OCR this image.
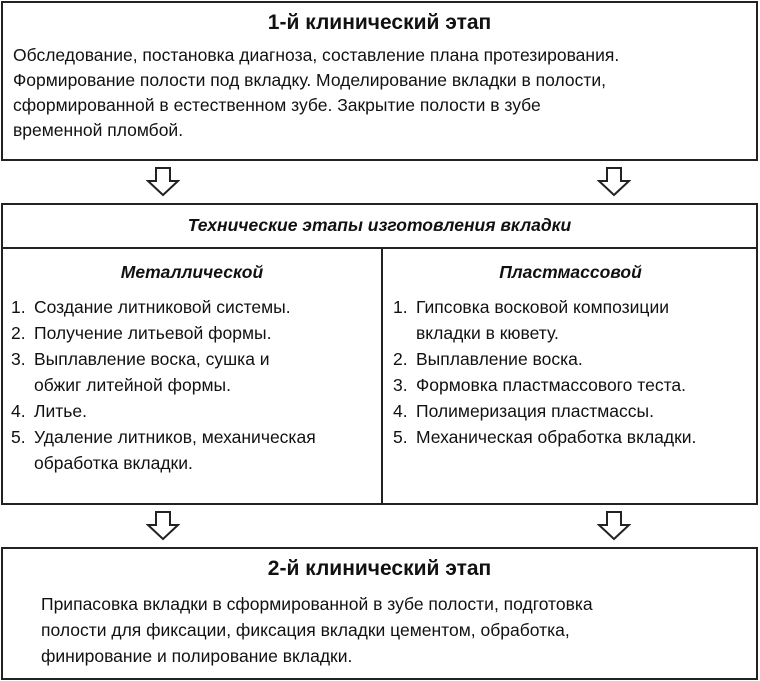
1-й клинический этап
Обследование, постановка диагноза, составление плана протезирования.
Формирование полости под вкладку. Моделирование вкладки в полости,
сформированной в естественном зубе. Закрытие полости в зубе
временной пломбой.
Технические этапы изготовления вкладки
Металлической
1. Создание литниковой системы.
2. Получение литьевой формы.
3. Выплавление воска, сушка и обжиг литейной формы.
4. Литье.
5. Удаление литников, механическая обработка вкладки.
Пластмассовой
1. Гипсовка восковой композиции вкладки в кювету.
2. Выплавление воска.
3. Формовка пластмассового теста.
4. Полимеризация пластмассы.
5. Механическая обработка вкладки.
2-й клинический этап
Припасовка вкладки в сформированной в зубе полости, подготовка
полости для фиксации, фиксация вкладки цементом, обработка,
финирование и полирование вкладки.
